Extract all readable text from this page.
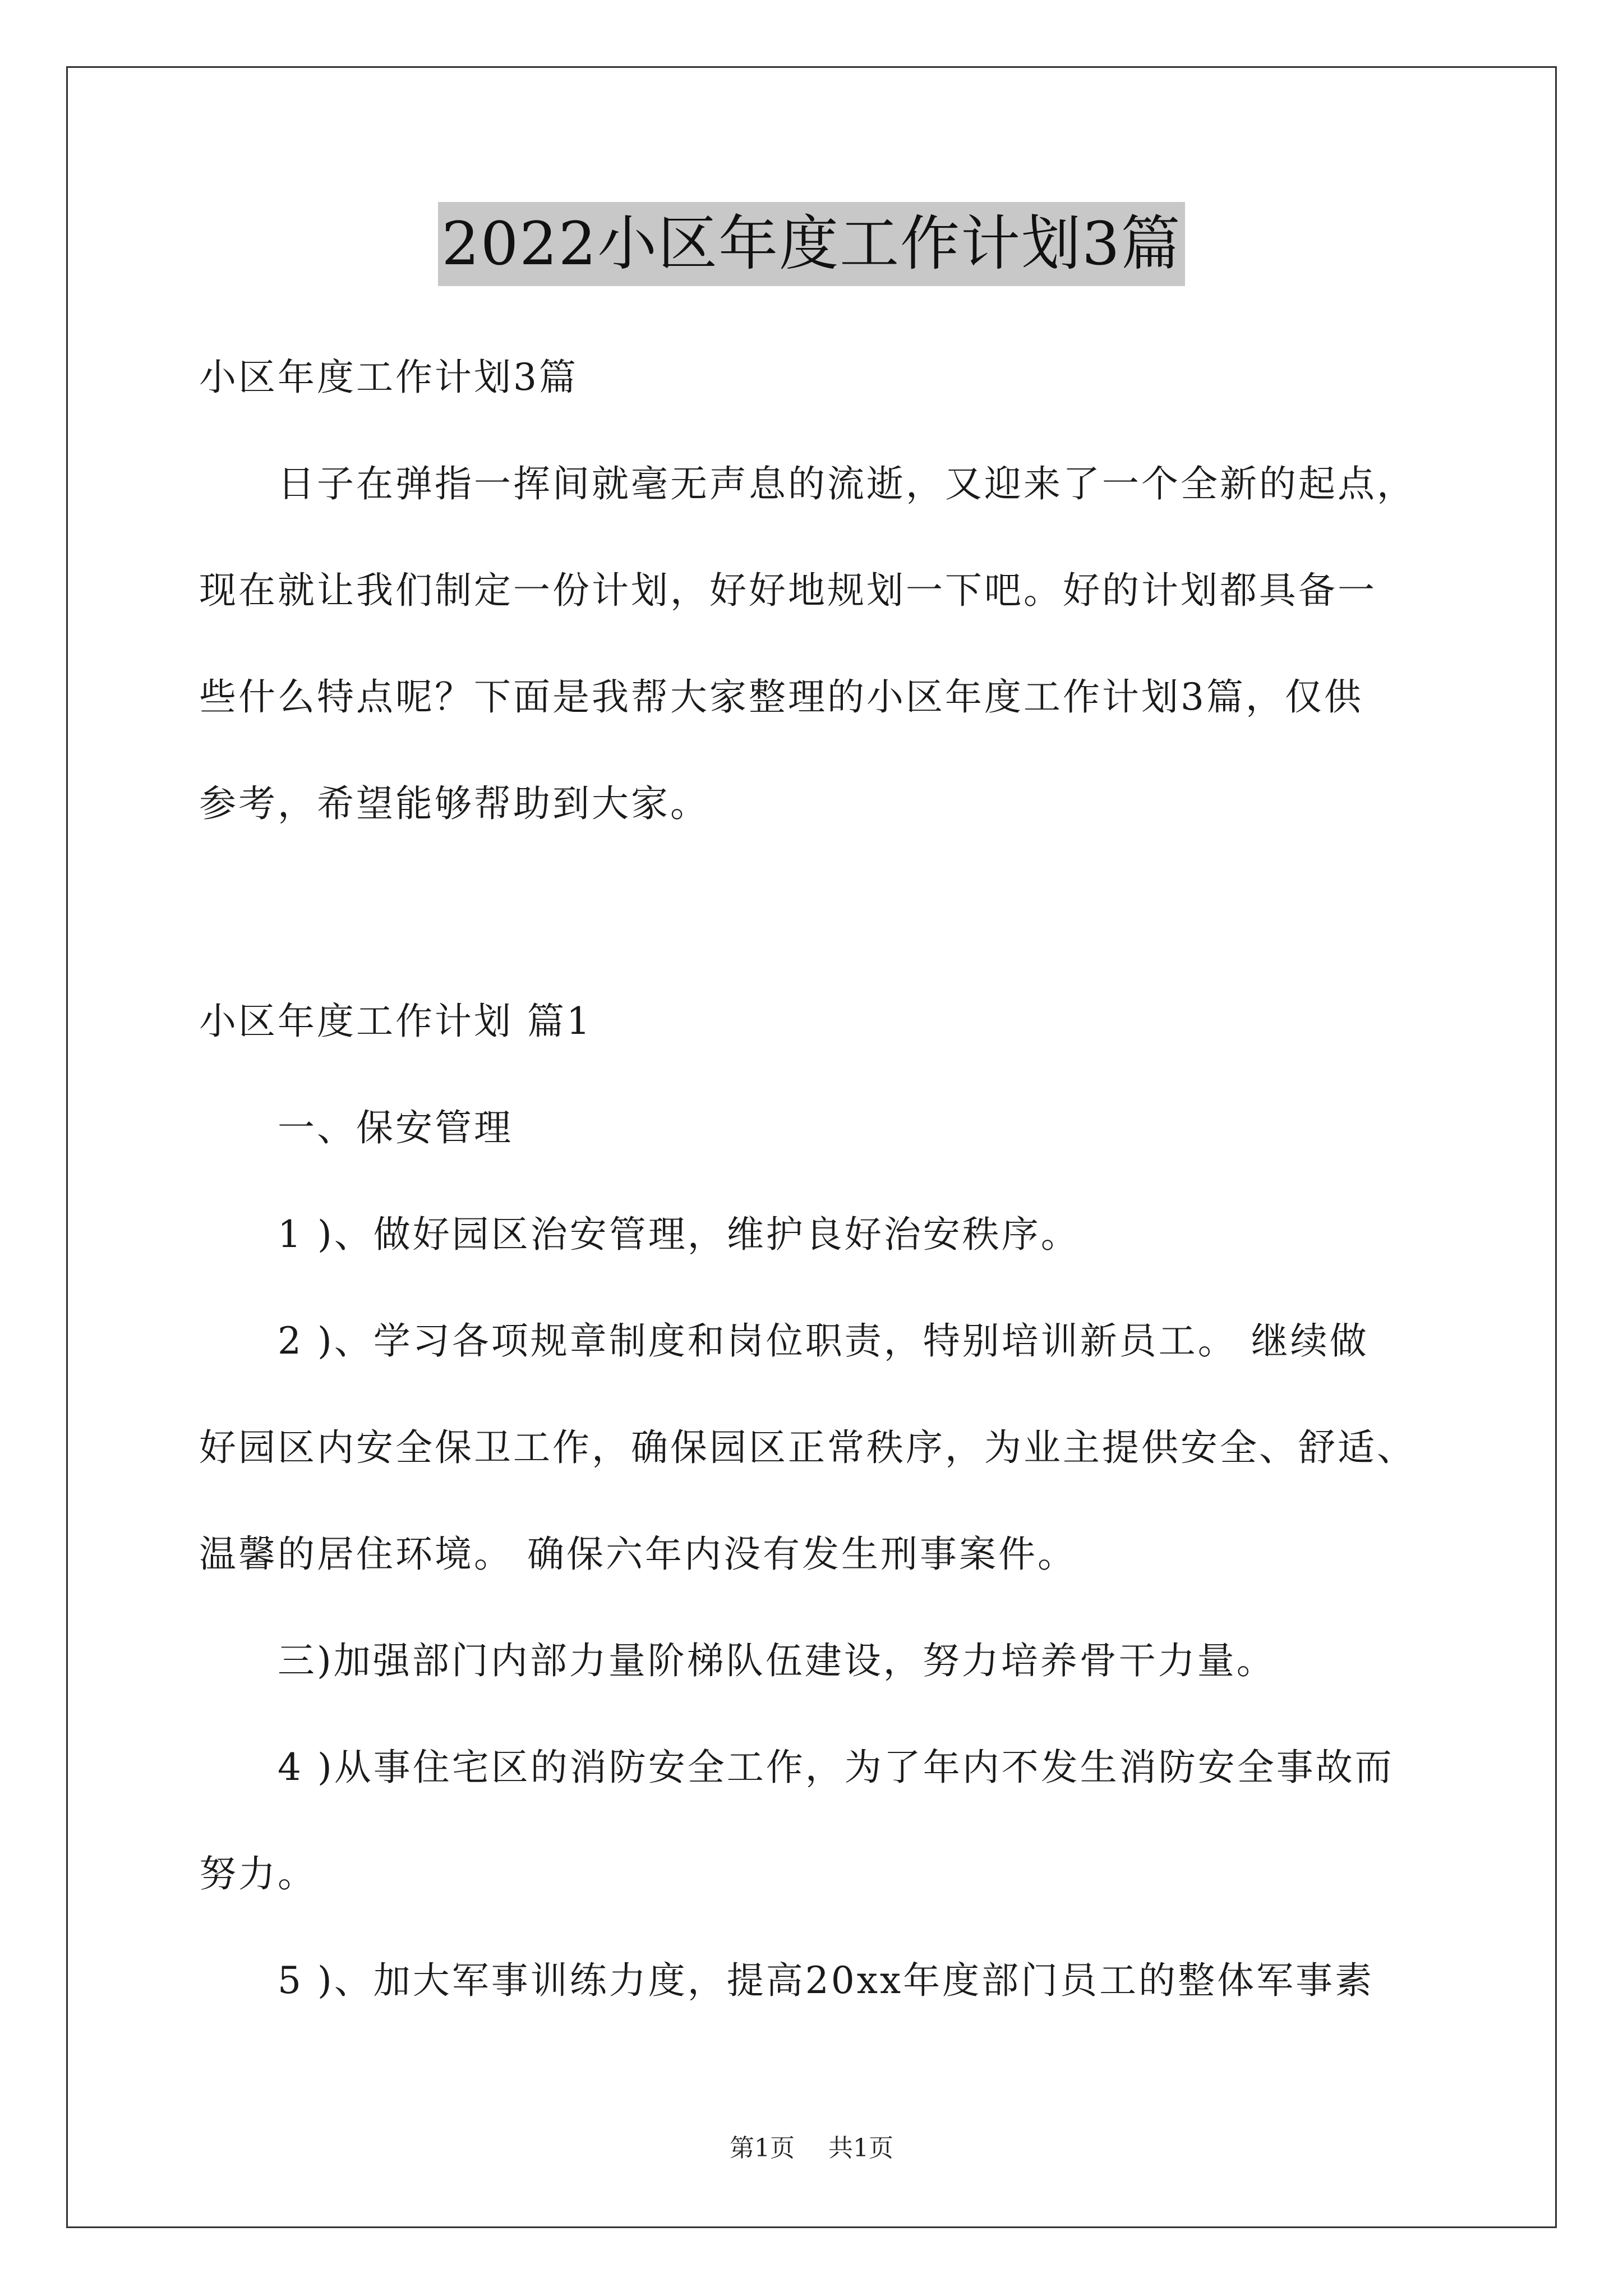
2022小区年度工作计划3篇
小区年度工作计划3篇
日子在弹指一挥间就毫无声息的流逝，又迎来了一个全新的起点，
现在就让我们制定一份计划，好好地规划一下吧。好的计划都具备一
些什么特点呢？下面是我帮大家整理的小区年度工作计划3篇，仅供
参考，希望能够帮助到大家。
小区年度工作计划 篇1
一、保安管理
1 )、做好园区治安管理，维护良好治安秩序。
2 )、学习各项规章制度和岗位职责，特别培训新员工。 继续做
好园区内安全保卫工作，确保园区正常秩序，为业主提供安全、舒适、
温馨的居住环境。 确保六年内没有发生刑事案件。
三)加强部门内部力量阶梯队伍建设，努力培养骨干力量。
4 )从事住宅区的消防安全工作，为了年内不发生消防安全事故而
努力。
5 )、加大军事训练力度，提高20xx年度部门员工的整体军事素
第1页 共1页
